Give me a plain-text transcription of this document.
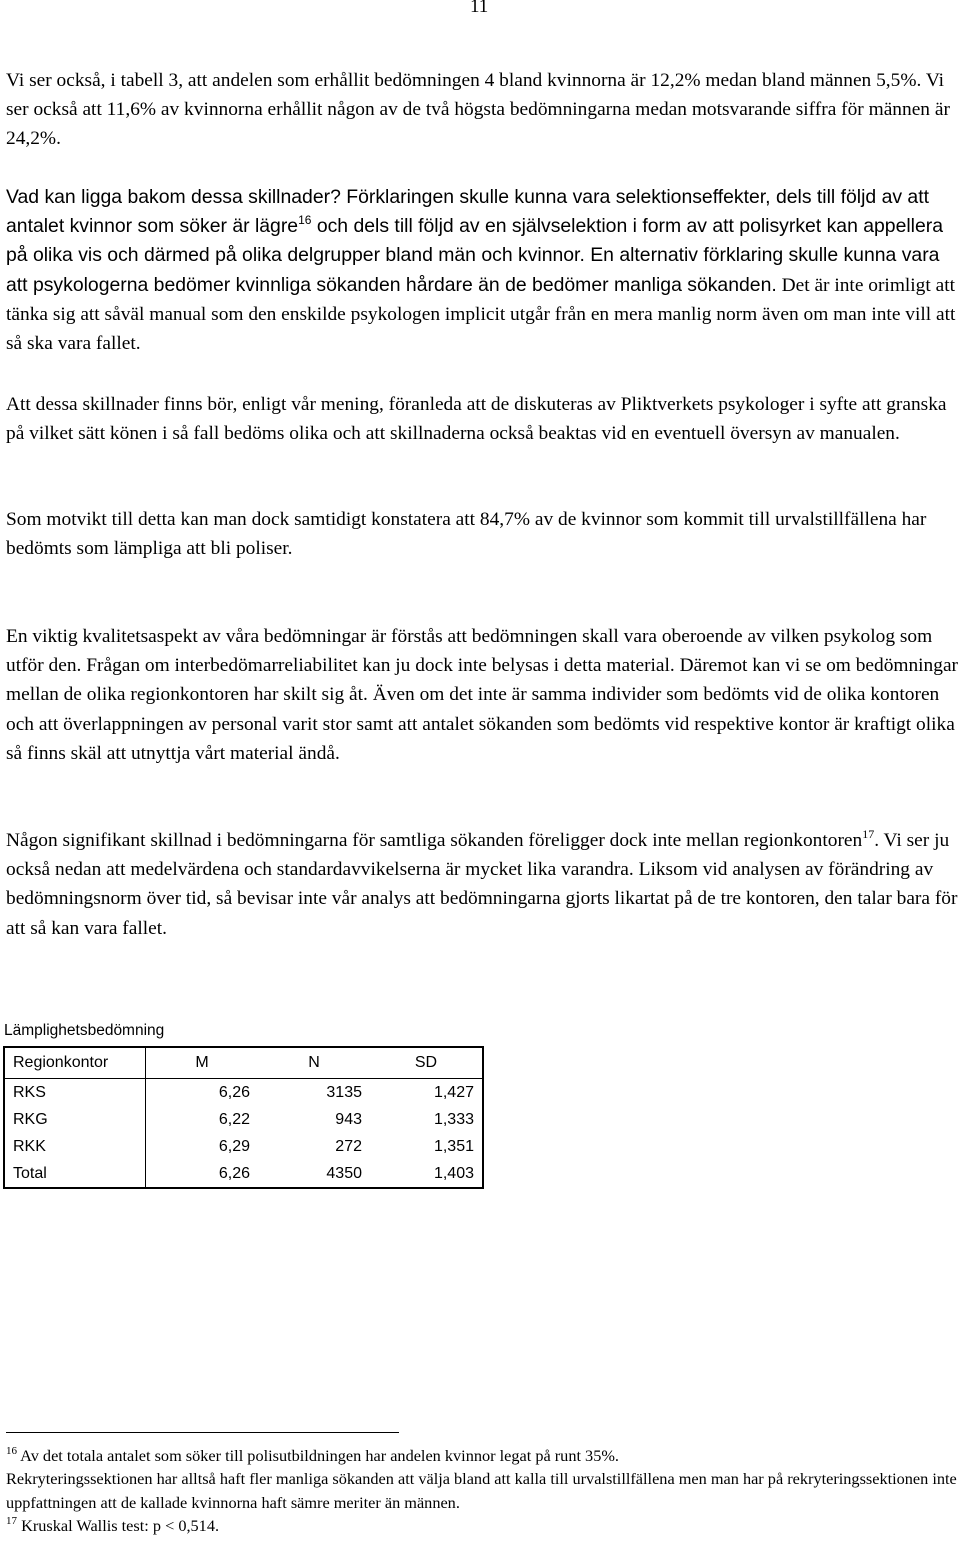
11

Vi ser också, i tabell 3, att andelen som erhållit bedömningen 4 bland kvinnorna är 12,2% medan bland männen 5,5%. Vi ser också att 11,6% av kvinnorna erhållit någon av de två högsta bedömningarna medan motsvarande siffra för männen är 24,2%.

Vad kan ligga bakom dessa skillnader? Förklaringen skulle kunna vara selektionseffekter, dels till följd av att antalet kvinnor som söker är lägre$^{16}$ och dels till följd av en självselektion i form av att polisyrket kan appellera på olika vis och därmed på olika delgrupper bland män och kvinnor. En alternativ förklaring skulle kunna vara att psykologerna bedömer kvinnliga sökanden hårdare än de bedömer manliga sökanden. Det är inte orimligt att tänka sig att såväl manual som den enskilde psykologen implicit utgår från en mera manlig norm även om man inte vill att så ska vara fallet.

Att dessa skillnader finns bör, enligt vår mening, föranleda att de diskuteras av Pliktverkets psykologer i syfte att granska på vilket sätt könen i så fall bedöms olika och att skillnaderna också beaktas vid en eventuell översyn av manualen.

Som motvikt till detta kan man dock samtidigt konstatera att 84,7% av de kvinnor som kommit till urvalstillfällena har bedömts som lämpliga att bli poliser.

En viktig kvalitetsaspekt av våra bedömningar är förstås att bedömningen skall vara oberoende av vilken psykolog som utför den. Frågan om interbedömarreliabilitet kan ju dock inte belysas i detta material. Däremot kan vi se om bedömningar mellan de olika regionkontoren har skilt sig åt. Även om det inte är samma individer som bedömts vid de olika kontoren och att överlappningen av personal varit stor samt att antalet sökanden som bedömts vid respektive kontor är kraftigt olika så finns skäl att utnyttja vårt material ändå.

Någon signifikant skillnad i bedömningarna för samtliga sökanden föreligger dock inte mellan regionkontoren$^{17}$. Vi ser ju också nedan att medelvärdena och standardavvikelserna är mycket lika varandra. Liksom vid analysen av förändring av bedömningsnorm över tid, så bevisar inte vår analys att bedömningarna gjorts likartat på de tre kontoren, den talar bara för att så kan vara fallet.

Lämplighetsbedömning
Regionkontor	M	N	SD
RKS	6,26	3135	1,427
RKG	6,22	943	1,333
RKK	6,29	272	1,351
Total	6,26	4350	1,403
$^{16}$ Av det totala antalet som söker till polisutbildningen har andelen kvinnor legat på runt 35%.
Rekryteringssektionen har alltså haft fler manliga sökanden att välja bland att kalla till urvalstillfällena men man har på rekryteringssektionen inte uppfattningen att de kallade kvinnorna haft sämre meriter än männen.
$^{17}$ Kruskal Wallis test: p < 0,514.
